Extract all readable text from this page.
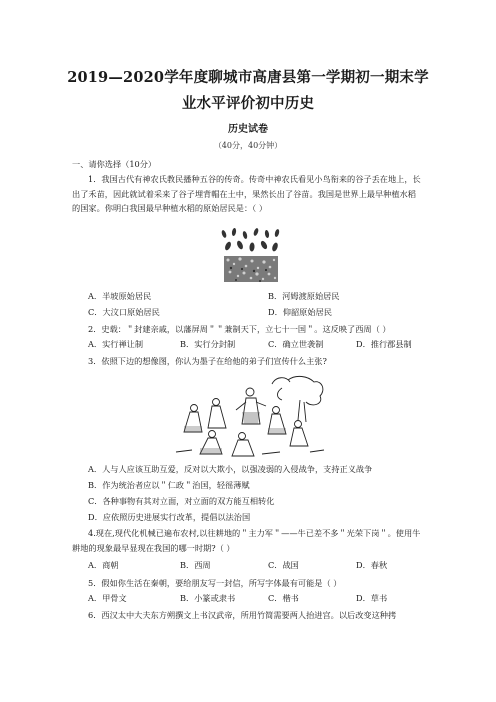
2019—2020学年度聊城市高唐县第一学期初一期末学
业水平评价初中历史
历史试卷
（40分，40分钟）
一、请你选择（10分）
1．我国古代有神农氏教民播种五谷的传奇。传奇中神农氏看见小鸟衔来的谷子丢在地上，长出了禾苗，因此就试着采来了谷子埋背帽在土中，果然长出了谷苗。我国是世界上最早种植水稻的国家。你明白我国最早种植水稻的原始居民是：（ ）
A．半坡原始居民	B．河姆渡原始居民
C．大汶口原始居民	D．仰韶原始居民
2．史载：＂封建亲戚，以藩屏周＂＂兼制天下，立七十一国＂。这反映了西周（ ）
A．实行禅让制	B．实行分封制	C．确立世袭制	D．推行郡县制
3．依照下边的想像图，你认为墨子在给他的弟子们宣传什么主张?
A．人与人应该互助互爱，反对以大欺小，以强凌弱的入侵战争，支持正义战争
B．作为统治者应以＂仁政＂治国，轻徭薄赋
C．各种事物有其对立面，对立面的双方能互相转化
D．应依照历史进展实行改革，提倡以法治国
4.现在,现代化机械已遍布农村,以往耕地的＂主力军＂——牛已差不多＂光荣下岗＂。使用牛耕地的现象最早显现在我国的哪一时期?（ ）
A．商朝	B．西周	C．战国	D．春秋
5．假如你生活在秦朝，要给朋友写一封信，所写字体最有可能是（ ）
A．甲骨文	B．小篆或隶书	C．楷书	D．草书
6．西汉太中大夫东方朔撰文上书汉武帝，所用竹简需要两人抬进宫。以后改变这种拷
